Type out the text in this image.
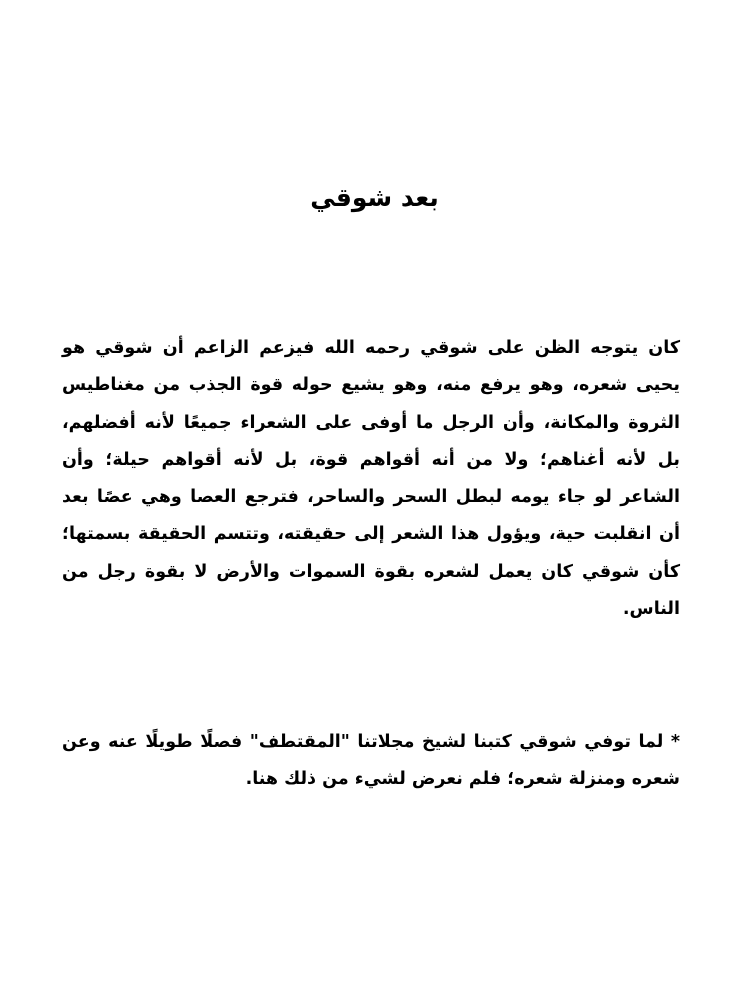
بعد شوقي

كان يتوجه الظن على شوقي رحمه الله فيزعم الزاعم أن شوقي هو يحيى شعره، وهو يرفع منه، وهو يشيع حوله قوة الجذب من مغناطيس الثروة والمكانة، وأن الرجل ما أوفى على الشعراء جميعًا لأنه أفضلهم، بل لأنه أغناهم؛ ولا من أنه أقواهم قوة، بل لأنه أقواهم حيلة؛ وأن الشاعر لو جاء يومه لبطل السحر والساحر، فترجع العصا وهي عصًا بعد أن انقلبت حية، ويؤول هذا الشعر إلى حقيقته، وتتسم الحقيقة بسمتها؛ كأن شوقي كان يعمل لشعره بقوة السموات والأرض لا بقوة رجل من الناس.

* لما توفي شوقي كتبنا لشيخ مجلاتنا "المقتطف" فصلًا طويلًا عنه وعن شعره ومنزلة شعره؛ فلم نعرض لشيء من ذلك هنا.
